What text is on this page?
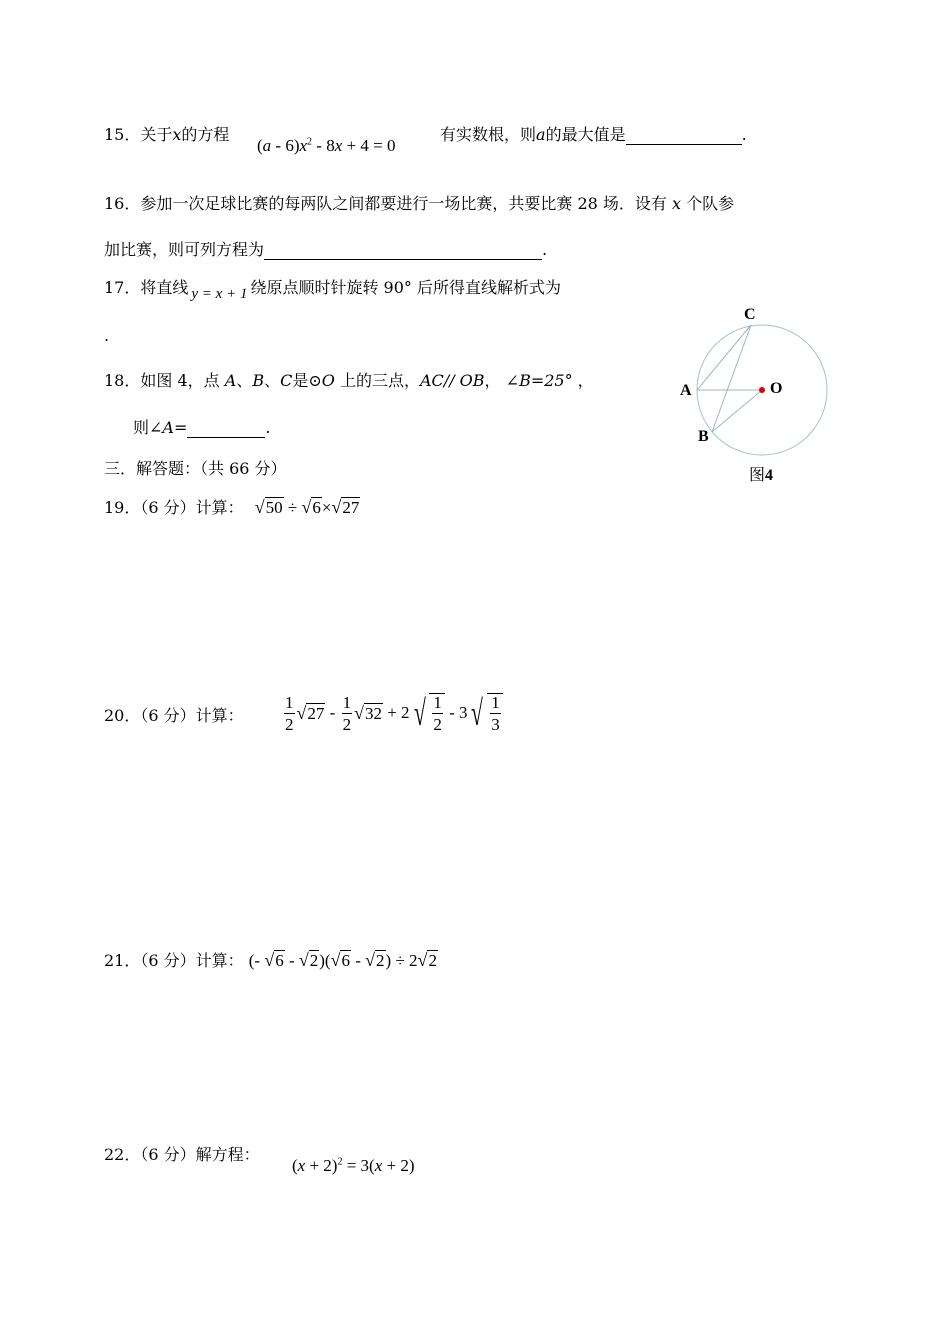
15．关于x的方程
$(a - 6)x^2 - 8x + 4 = 0$
有实数根，则a的最大值是	.
16．参加一次足球比赛的每两队之间都要进行一场比赛，共要比赛 28 场．设有 x 个队参
加比赛，则可列方程为	.
17．将直线 y = x + 1 绕原点顺时针旋转 90° 后所得直线解析式为
.
18．如图 4，点 A、B、C是⊙O 上的三点，AC// OB， ∠B=25° ，
则∠A=	.
C
A	O
B
图4
三．解答题：（共 66 分）
19．（6 分）计算： √50 ÷ √6×√27
20．（6 分）计算： $\frac{1}{2} √27 - \frac{1}{2} √32 + 2$ √ $\frac{1}{2} - 3$ √ $\frac{1}{3}$
21．（6 分）计算： (- √6 - √2)(√6 - √2) ÷ 2√2
22．（6 分）解方程：
$(x + 2)^2 = 3(x + 2)$
